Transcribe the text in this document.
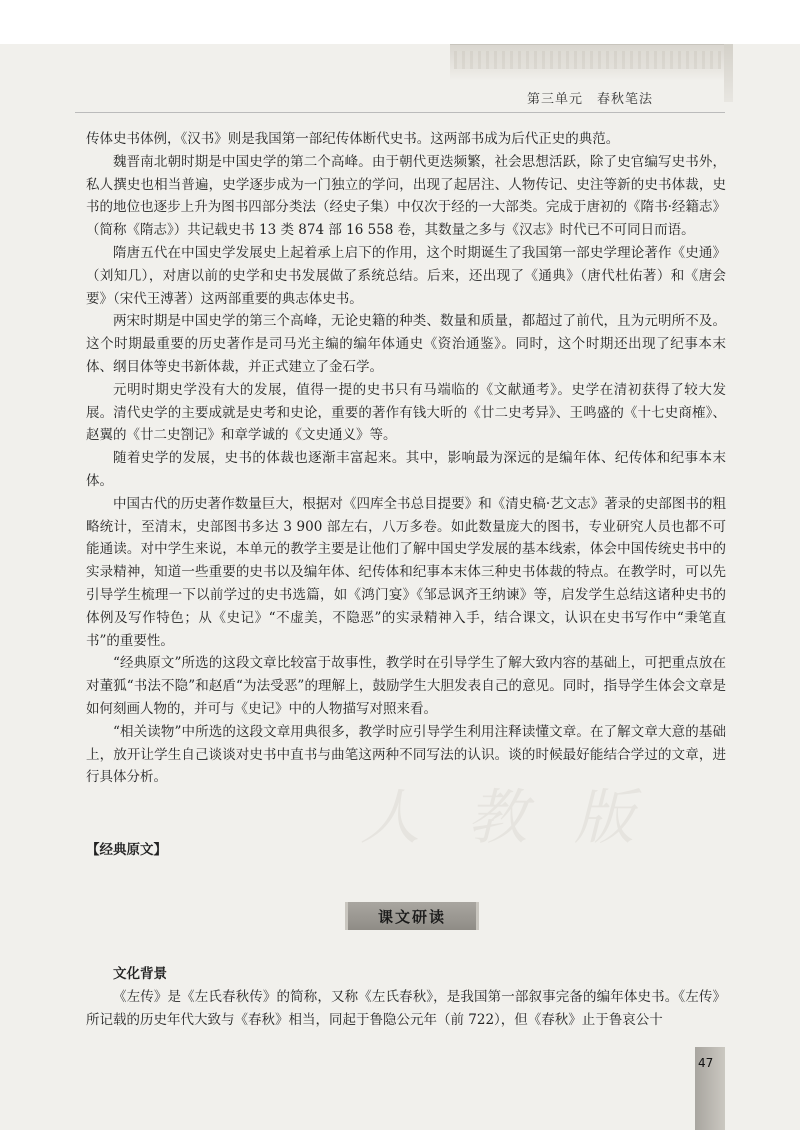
第三单元　春秋笔法
人 教 版

传体史书体例，《汉书》则是我国第一部纪传体断代史书。这两部书成为后代正史的典范。

魏晋南北朝时期是中国史学的第二个高峰。由于朝代更迭频繁，社会思想活跃，除了史官编写史书外，私人撰史也相当普遍，史学逐步成为一门独立的学问，出现了起居注、人物传记、史注等新的史书体裁，史书的地位也逐步上升为图书四部分类法（经史子集）中仅次于经的一大部类。完成于唐初的《隋书·经籍志》（简称《隋志》）共记载史书 13 类 874 部 16 558 卷，其数量之多与《汉志》时代已不可同日而语。

隋唐五代在中国史学发展史上起着承上启下的作用，这个时期诞生了我国第一部史学理论著作《史通》（刘知几），对唐以前的史学和史书发展做了系统总结。后来，还出现了《通典》（唐代杜佑著）和《唐会要》（宋代王溥著）这两部重要的典志体史书。

两宋时期是中国史学的第三个高峰，无论史籍的种类、数量和质量，都超过了前代，且为元明所不及。这个时期最重要的历史著作是司马光主编的编年体通史《资治通鉴》。同时，这个时期还出现了纪事本末体、纲目体等史书新体裁，并正式建立了金石学。

元明时期史学没有大的发展，值得一提的史书只有马端临的《文献通考》。史学在清初获得了较大发展。清代史学的主要成就是史考和史论，重要的著作有钱大昕的《廿二史考异》、王鸣盛的《十七史商榷》、赵翼的《廿二史劄记》和章学诚的《文史通义》等。

随着史学的发展，史书的体裁也逐渐丰富起来。其中，影响最为深远的是编年体、纪传体和纪事本末体。

中国古代的历史著作数量巨大，根据对《四库全书总目提要》和《清史稿·艺文志》著录的史部图书的粗略统计，至清末，史部图书多达 3 900 部左右，八万多卷。如此数量庞大的图书，专业研究人员也都不可能通读。对中学生来说，本单元的教学主要是让他们了解中国史学发展的基本线索，体会中国传统史书中的实录精神，知道一些重要的史书以及编年体、纪传体和纪事本末体三种史书体裁的特点。在教学时，可以先引导学生梳理一下以前学过的史书选篇，如《鸿门宴》《邹忌讽齐王纳谏》等，启发学生总结这诸种史书的体例及写作特色；从《史记》“不虚美，不隐恶”的实录精神入手，结合课文，认识在史书写作中“秉笔直书”的重要性。

“经典原文”所选的这段文章比较富于故事性，教学时在引导学生了解大致内容的基础上，可把重点放在对董狐“书法不隐”和赵盾“为法受恶”的理解上，鼓励学生大胆发表自己的意见。同时，指导学生体会文章是如何刻画人物的，并可与《史记》中的人物描写对照来看。

“相关读物”中所选的这段文章用典很多，教学时应引导学生利用注释读懂文章。在了解文章大意的基础上，放开让学生自己谈谈对史书中直书与曲笔这两种不同写法的认识。谈的时候最好能结合学过的文章，进行具体分析。

【经典原文】
课文研读
文化背景

《左传》是《左氏春秋传》的简称，又称《左氏春秋》，是我国第一部叙事完备的编年体史书。《左传》所记载的历史年代大致与《春秋》相当，同起于鲁隐公元年（前 722），但《春秋》止于鲁哀公十

47
